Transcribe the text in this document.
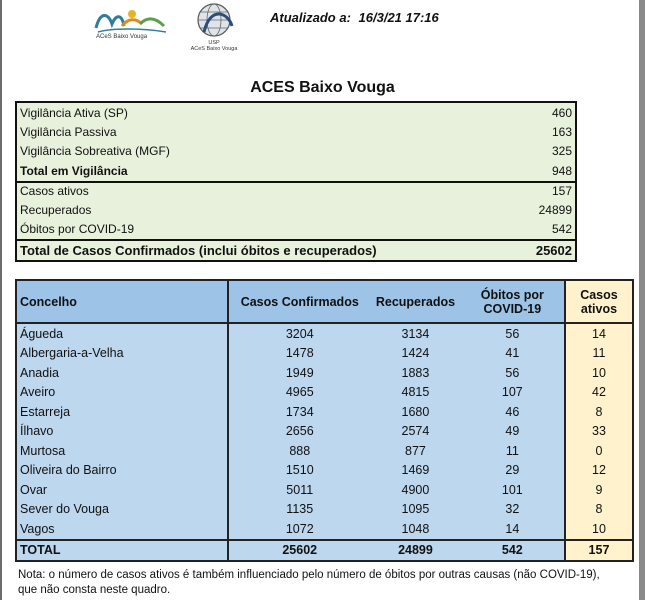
ACeS Baixo Vouga
USP
ACeS Baixo Vouga
Atualizado a: 16/3/21 17:16
ACES Baixo Vouga
Vigilância Ativa (SP)	460
Vigilância Passiva	163
Vigilância Sobreativa (MGF)	325
Total em Vigilância	948
Casos ativos	157
Recuperados	24899
Óbitos por COVID-19	542
Total de Casos Confirmados (inclui óbitos e recuperados)	25602
Concelho	Casos Confirmados	Recuperados	Óbitos por COVID-19	Casos ativos
Águeda	3204	3134	56	14
Albergaria-a-Velha	1478	1424	41	11
Anadia	1949	1883	56	10
Aveiro	4965	4815	107	42
Estarreja	1734	1680	46	8
Ílhavo	2656	2574	49	33
Murtosa	888	877	11	0
Oliveira do Bairro	1510	1469	29	12
Ovar	5011	4900	101	9
Sever do Vouga	1135	1095	32	8
Vagos	1072	1048	14	10
TOTAL	25602	24899	542	157
Nota: o número de casos ativos é também influenciado pelo número de óbitos por outras causas (não COVID-19), que não consta neste quadro.
